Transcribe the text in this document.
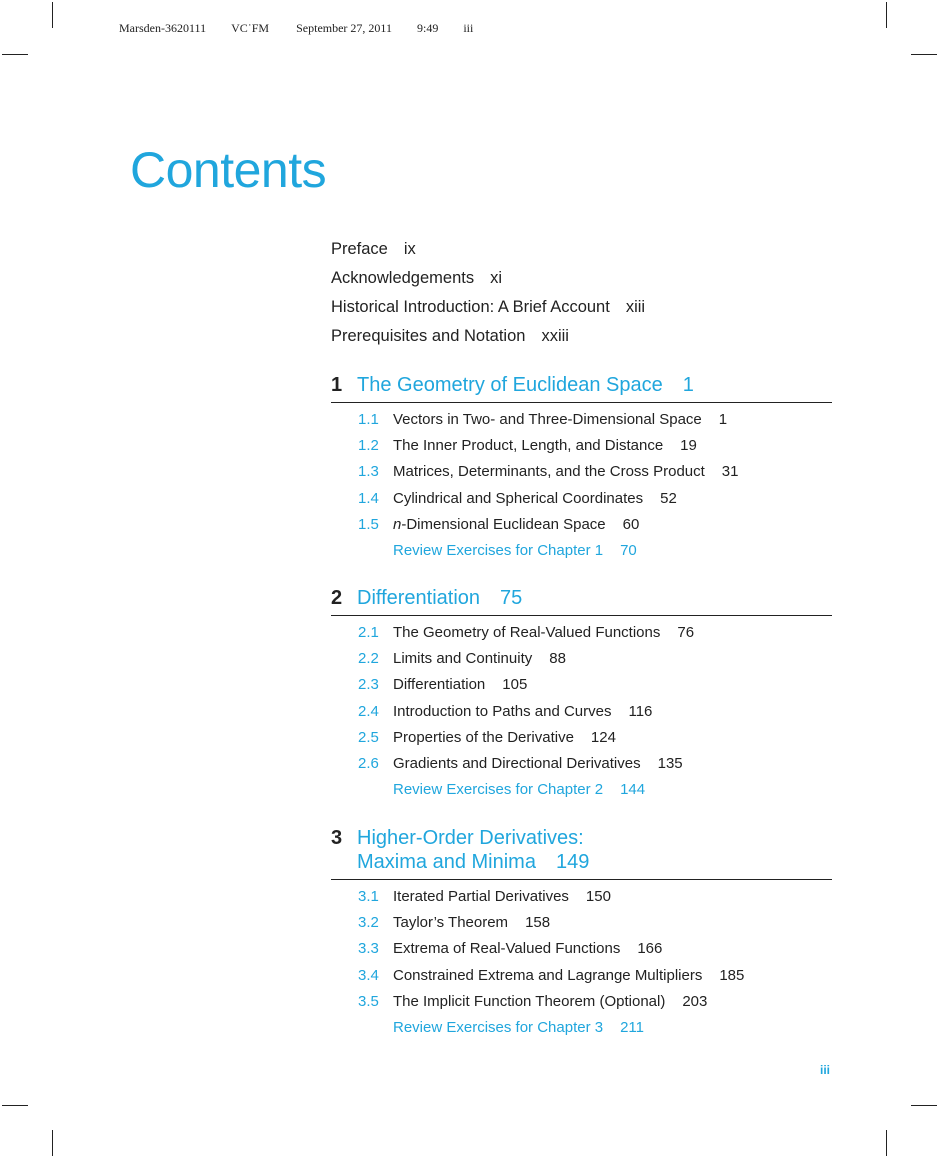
Marsden-3620111 VC˙FM September 27, 2011 9:49 iii
Contents
Preface ix
Acknowledgements xi
Historical Introduction: A Brief Account xiii
Prerequisites and Notation xxiii
1 The Geometry of Euclidean Space 1
1.1 Vectors in Two- and Three-Dimensional Space 1
1.2 The Inner Product, Length, and Distance 19
1.3 Matrices, Determinants, and the Cross Product 31
1.4 Cylindrical and Spherical Coordinates 52
1.5 n-Dimensional Euclidean Space 60
Review Exercises for Chapter 1 70
2 Differentiation 75
2.1 The Geometry of Real-Valued Functions 76
2.2 Limits and Continuity 88
2.3 Differentiation 105
2.4 Introduction to Paths and Curves 116
2.5 Properties of the Derivative 124
2.6 Gradients and Directional Derivatives 135
Review Exercises for Chapter 2 144
3 Higher-Order Derivatives:
Maxima and Minima 149
3.1 Iterated Partial Derivatives 150
3.2 Taylor’s Theorem 158
3.3 Extrema of Real-Valued Functions 166
3.4 Constrained Extrema and Lagrange Multipliers 185
3.5 The Implicit Function Theorem (Optional) 203
Review Exercises for Chapter 3 211
iii
